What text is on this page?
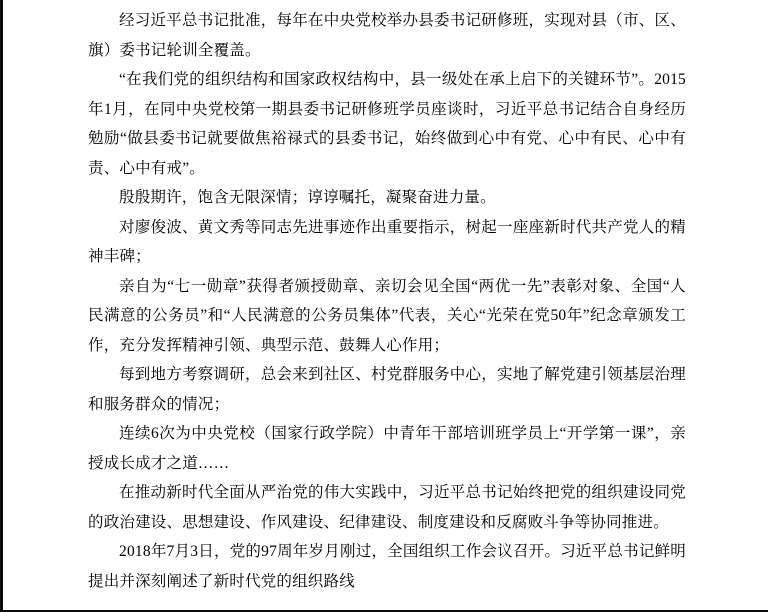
经习近平总书记批准，每年在中央党校举办县委书记研修班，实现对县（市、区、旗）委书记轮训全覆盖。

“在我们党的组织结构和国家政权结构中，县一级处在承上启下的关键环节”。2015年1月，在同中央党校第一期县委书记研修班学员座谈时，习近平总书记结合自身经历勉励“做县委书记就要做焦裕禄式的县委书记，始终做到心中有党、心中有民、心中有责、心中有戒”。

殷殷期许，饱含无限深情；谆谆嘱托，凝聚奋进力量。

对廖俊波、黄文秀等同志先进事迹作出重要指示，树起一座座新时代共产党人的精神丰碑；

亲自为“七一勋章”获得者颁授勋章、亲切会见全国“两优一先”表彰对象、全国“人民满意的公务员”和“人民满意的公务员集体”代表，关心“光荣在党50年”纪念章颁发工作，充分发挥精神引领、典型示范、鼓舞人心作用；

每到地方考察调研，总会来到社区、村党群服务中心，实地了解党建引领基层治理和服务群众的情况；

连续6次为中央党校（国家行政学院）中青年干部培训班学员上“开学第一课”，亲授成长成才之道……

在推动新时代全面从严治党的伟大实践中，习近平总书记始终把党的组织建设同党的政治建设、思想建设、作风建设、纪律建设、制度建设和反腐败斗争等协同推进。

2018年7月3日，党的97周年岁月刚过，全国组织工作会议召开。习近平总书记鲜明提出并深刻阐述了新时代党的组织路线
